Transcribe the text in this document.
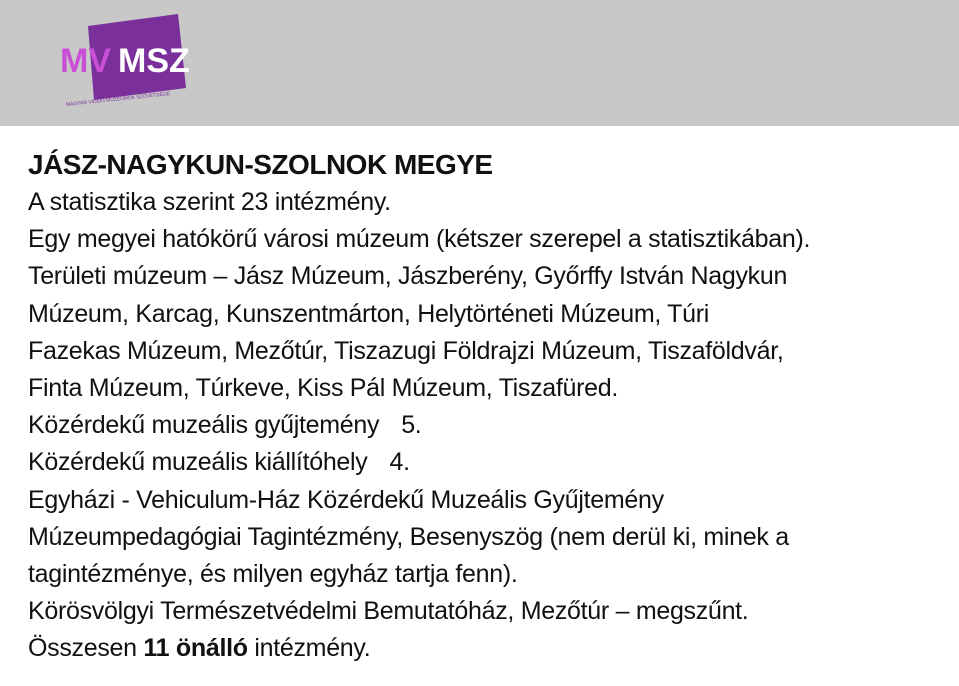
MV MSZ
MAGYAR VIDÉKI MÚZEUMOK SZÖVETSÉGE

JÁSZ-NAGYKUN-SZOLNOK MEGYE

A statisztika szerint 23 intézmény.

Egy megyei hatókörű városi múzeum (kétszer szerepel a statisztikában).

Területi múzeum – Jász Múzeum, Jászberény, Győrffy István Nagykun

Múzeum, Karcag, Kunszentmárton, Helytörténeti Múzeum, Túri

Fazekas Múzeum, Mezőtúr, Tiszazugi Földrajzi Múzeum, Tiszaföldvár,

Finta Múzeum, Túrkeve, Kiss Pál Múzeum, Tiszafüred.

Közérdekű muzeális gyűjtemény 5.

Közérdekű muzeális kiállítóhely 4.

Egyházi - Vehiculum-Ház Közérdekű Muzeális Gyűjtemény

Múzeumpedagógiai Tagintézmény, Besenyszög (nem derül ki, minek a

tagintézménye, és milyen egyház tartja fenn).

Körösvölgyi Természetvédelmi Bemutatóház, Mezőtúr – megszűnt.

Összesen 11 önálló intézmény.
